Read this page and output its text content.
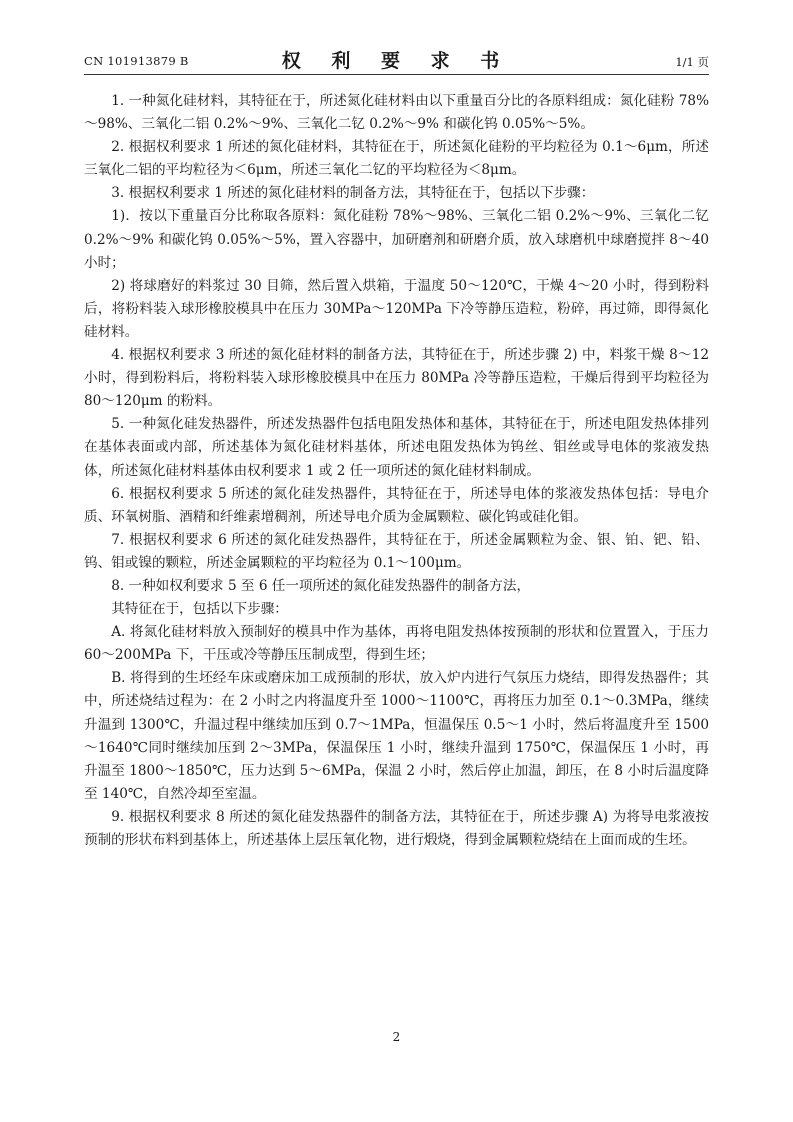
CN 101913879 B	权 利 要 求 书	1/1 页

1. 一种氮化硅材料，其特征在于，所述氮化硅材料由以下重量百分比的各原料组成：氮化硅粉 78%～98%、三氧化二铝 0.2%～9%、三氧化二钇 0.2%～9% 和碳化钨 0.05%～5%。

2. 根据权利要求 1 所述的氮化硅材料，其特征在于，所述氮化硅粉的平均粒径为 0.1～6μm，所述三氧化二铝的平均粒径为＜6μm，所述三氧化二钇的平均粒径为＜8μm。

3. 根据权利要求 1 所述的氮化硅材料的制备方法，其特征在于，包括以下步骤：

1)．按以下重量百分比称取各原料：氮化硅粉 78%～98%、三氧化二铝 0.2%～9%、三氧化二钇 0.2%～9% 和碳化钨 0.05%～5%，置入容器中，加研磨剂和研磨介质，放入球磨机中球磨搅拌 8～40 小时；

2) 将球磨好的料浆过 30 目筛，然后置入烘箱，于温度 50～120℃，干燥 4～20 小时，得到粉料后，将粉料装入球形橡胶模具中在压力 30MPa～120MPa 下冷等静压造粒，粉碎，再过筛，即得氮化硅材料。

4. 根据权利要求 3 所述的氮化硅材料的制备方法，其特征在于，所述步骤 2) 中，料浆干燥 8～12 小时，得到粉料后，将粉料装入球形橡胶模具中在压力 80MPa 冷等静压造粒，干燥后得到平均粒径为 80～120μm 的粉料。

5. 一种氮化硅发热器件，所述发热器件包括电阻发热体和基体，其特征在于，所述电阻发热体排列在基体表面或内部，所述基体为氮化硅材料基体，所述电阻发热体为钨丝、钼丝或导电体的浆液发热体，所述氮化硅材料基体由权利要求 1 或 2 任一项所述的氮化硅材料制成。

6. 根据权利要求 5 所述的氮化硅发热器件，其特征在于，所述导电体的浆液发热体包括：导电介质、环氧树脂、酒精和纤维素增稠剂，所述导电介质为金属颗粒、碳化钨或硅化钼。

7. 根据权利要求 6 所述的氮化硅发热器件，其特征在于，所述金属颗粒为金、银、铂、钯、铅、钨、钼或镍的颗粒，所述金属颗粒的平均粒径为 0.1～100μm。

8. 一种如权利要求 5 至 6 任一项所述的氮化硅发热器件的制备方法，

其特征在于，包括以下步骤：

A. 将氮化硅材料放入预制好的模具中作为基体，再将电阻发热体按预制的形状和位置置入，于压力 60～200MPa 下，干压或冷等静压压制成型，得到生坯；

B. 将得到的生坯经车床或磨床加工成预制的形状，放入炉内进行气氛压力烧结，即得发热器件；其中，所述烧结过程为：在 2 小时之内将温度升至 1000～1100℃，再将压力加至 0.1～0.3MPa，继续升温到 1300℃，升温过程中继续加压到 0.7～1MPa，恒温保压 0.5～1 小时，然后将温度升至 1500～1640℃同时继续加压到 2～3MPa，保温保压 1 小时，继续升温到 1750℃，保温保压 1 小时，再升温至 1800～1850℃，压力达到 5～6MPa，保温 2 小时，然后停止加温，卸压，在 8 小时后温度降至 140℃，自然冷却至室温。

9. 根据权利要求 8 所述的氮化硅发热器件的制备方法，其特征在于，所述步骤 A) 为将导电浆液按预制的形状布料到基体上，所述基体上层压氧化物，进行煅烧，得到金属颗粒烧结在上面而成的生坯。

2
